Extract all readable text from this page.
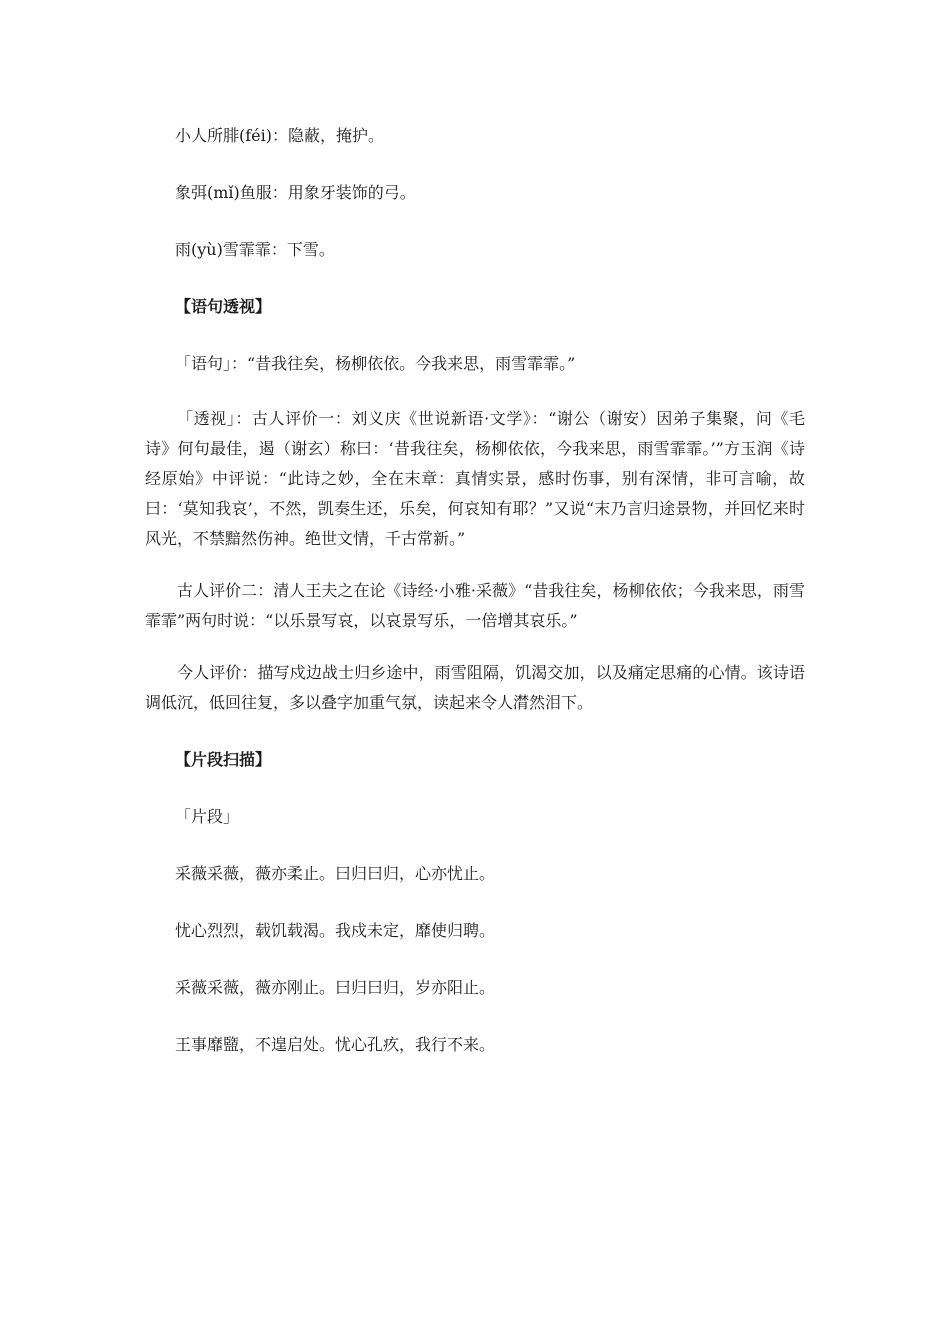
小人所腓(féi)：隐蔽，掩护。

象弭(mǐ)鱼服：用象牙装饰的弓。

雨(yù)雪霏霏：下雪。

【语句透视】

「语句」：“昔我往矣，杨柳依依。今我来思，雨雪霏霏。”

「透视」：古人评价一：刘义庆《世说新语·文学》：“谢公（谢安）因弟子集聚，问《毛诗》何句最佳，遏（谢玄）称曰：‘昔我往矣，杨柳依依，今我来思，雨雪霏霏。’”方玉润《诗经原始》中评说：“此诗之妙，全在末章：真情实景，感时伤事，别有深情，非可言喻，故曰：‘莫知我哀’，不然，凯奏生还，乐矣，何哀知有耶？”又说“末乃言归途景物，并回忆来时风光，不禁黯然伤神。绝世文情，千古常新。”

古人评价二：清人王夫之在论《诗经·小雅·采薇》“昔我往矣，杨柳依依；今我来思，雨雪霏霏”两句时说：“以乐景写哀，以哀景写乐，一倍增其哀乐。”

今人评价：描写戍边战士归乡途中，雨雪阻隔，饥渴交加，以及痛定思痛的心情。该诗语调低沉，低回往复，多以叠字加重气氛，读起来令人潸然泪下。

【片段扫描】

「片段」

采薇采薇，薇亦柔止。曰归曰归，心亦忧止。

忧心烈烈，载饥载渴。我戍未定，靡使归聘。

采薇采薇，薇亦刚止。曰归曰归，岁亦阳止。

王事靡盬，不遑启处。忧心孔疚，我行不来。
